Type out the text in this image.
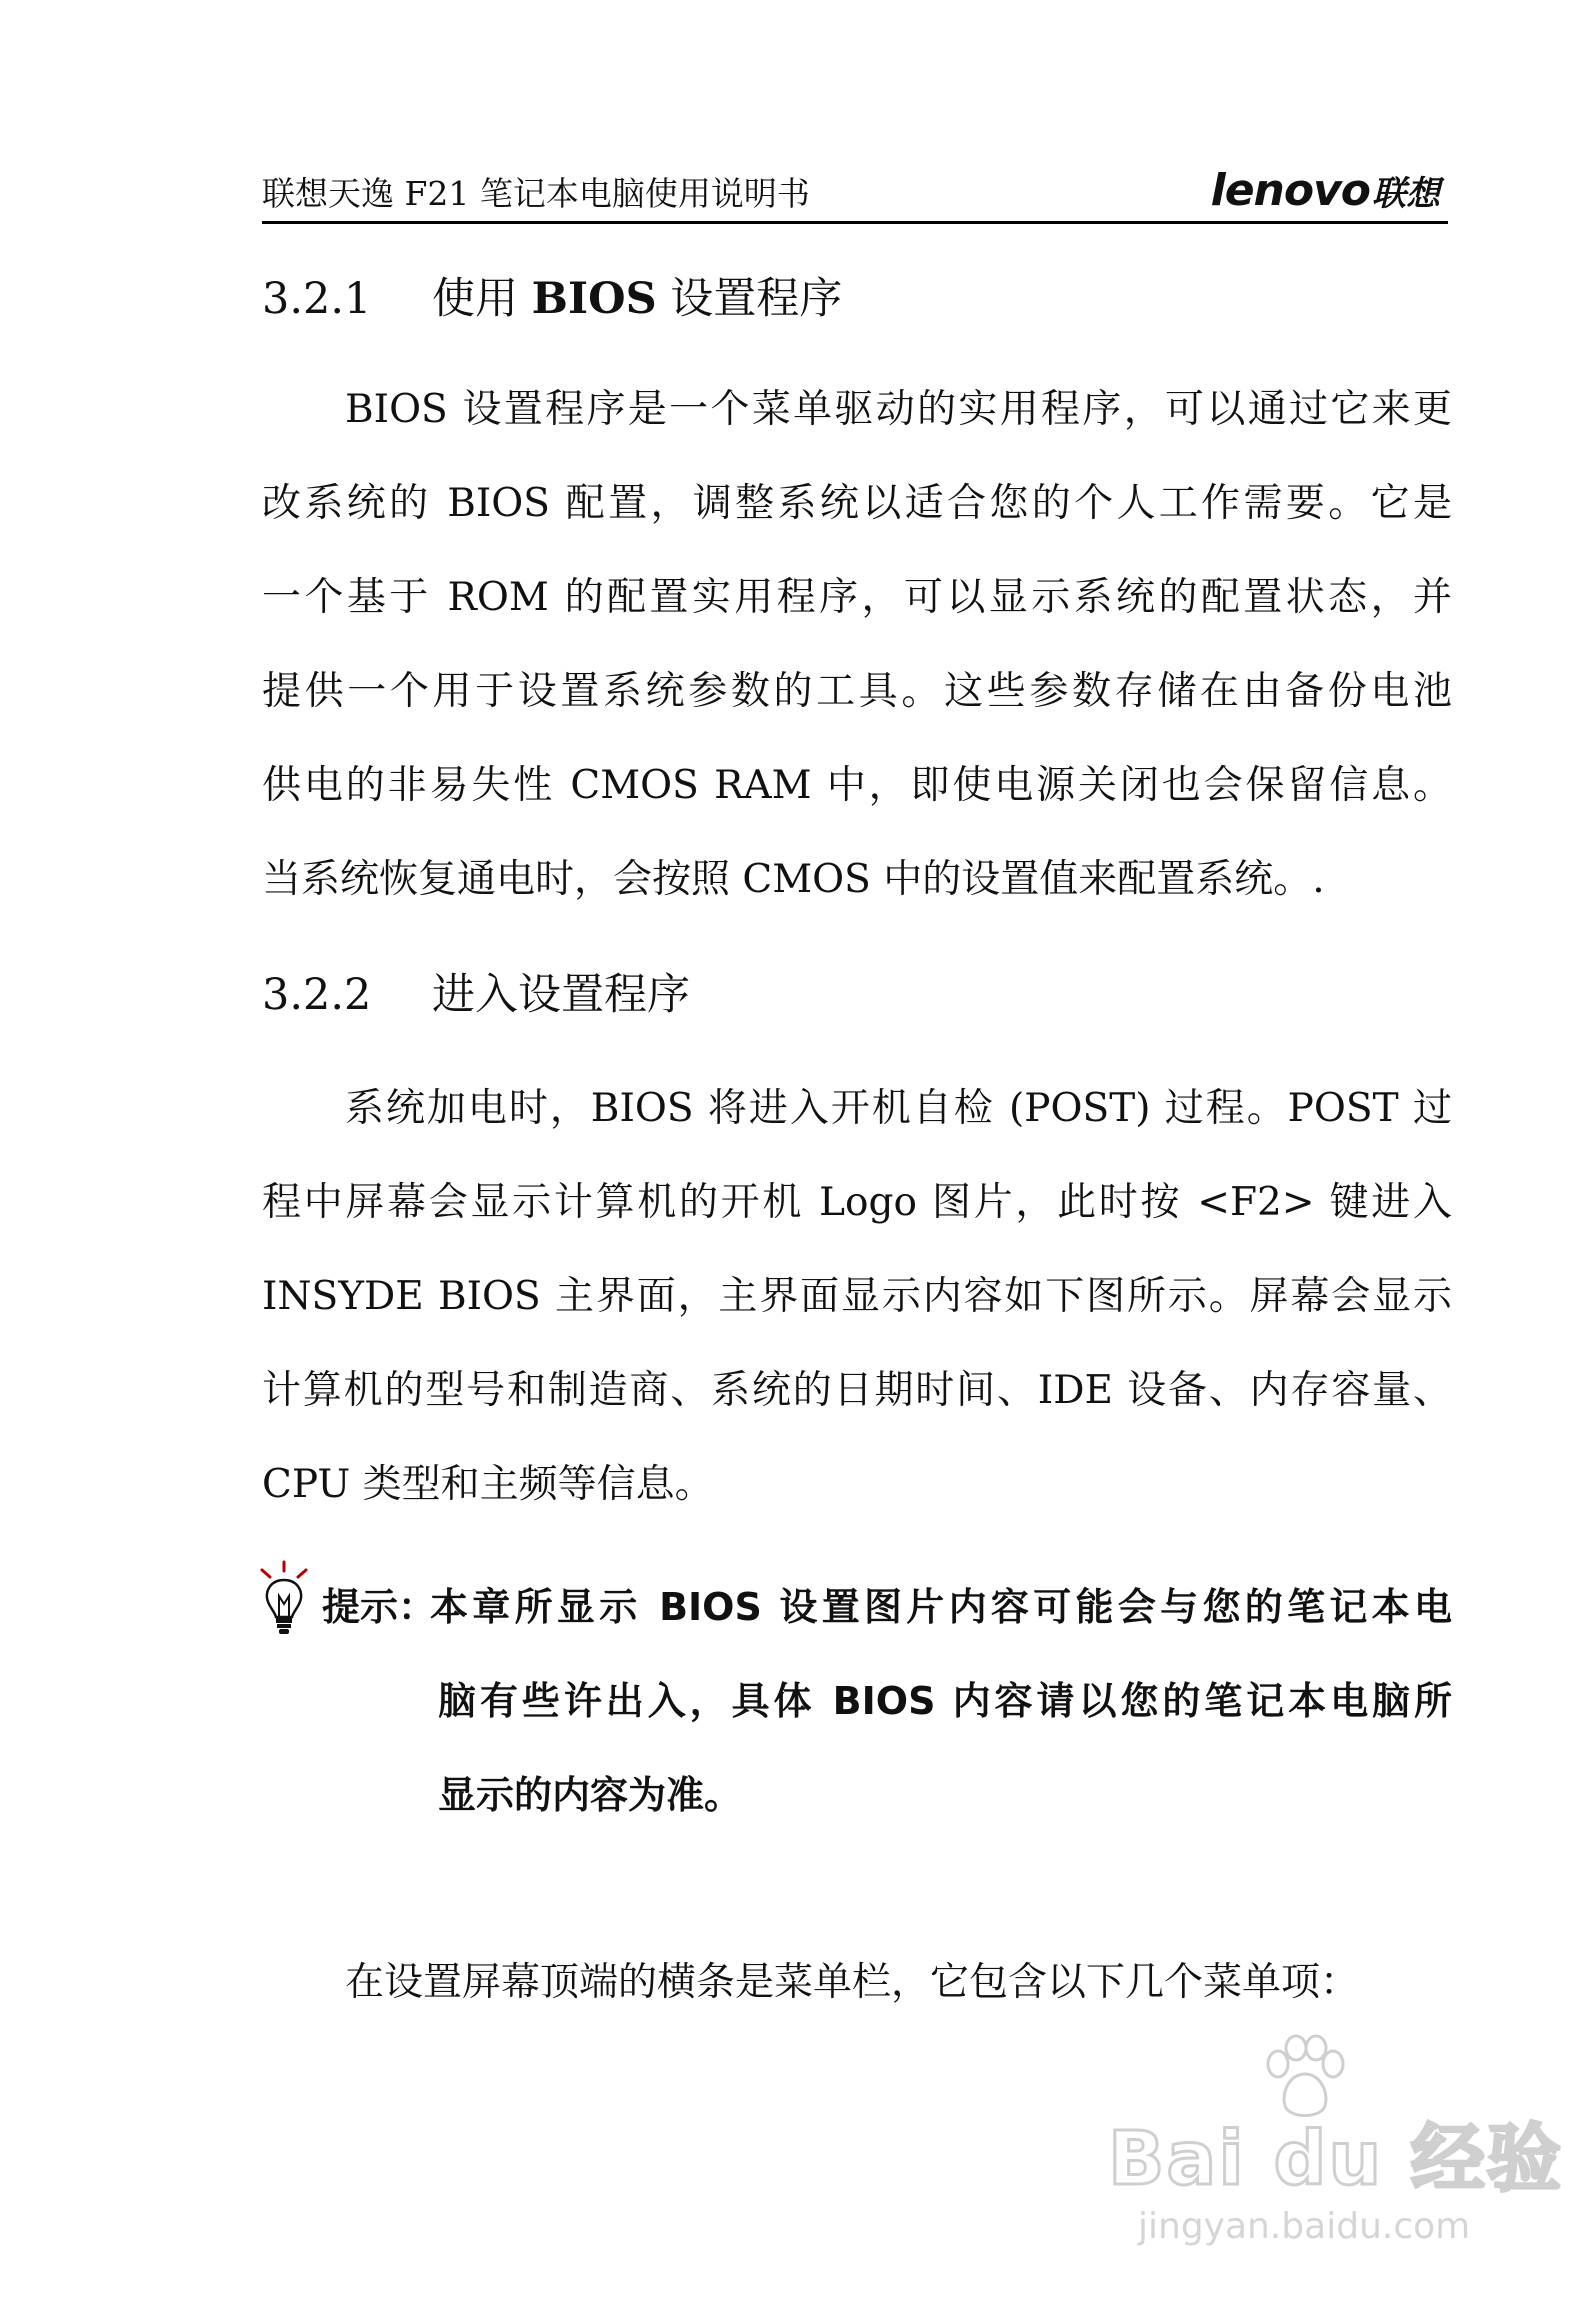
联想天逸 F21 笔记本电脑使用说明书	lenovo 联想
3.2.1 使用 BIOS 设置程序
BIOS 设置程序是一个菜单驱动的实用程序，可以通过它来更
改系统的 BIOS 配置，调整系统以适合您的个人工作需要。它是
一个基于 ROM 的配置实用程序，可以显示系统的配置状态，并
提供一个用于设置系统参数的工具。这些参数存储在由备份电池
供电的非易失性 CMOS RAM 中，即使电源关闭也会保留信息。
当系统恢复通电时，会按照 CMOS 中的设置值来配置系统。.
3.2.2 进入设置程序
系统加电时，BIOS 将进入开机自检 (POST) 过程。POST 过
程中屏幕会显示计算机的开机 Logo 图片，此时按 <F2> 键进入
INSYDE BIOS 主界面，主界面显示内容如下图所示。屏幕会显示
计算机的型号和制造商、系统的日期时间、IDE 设备、内存容量、
CPU 类型和主频等信息。
提示：
本章所显示 BIOS 设置图片内容可能会与您的笔记本电
脑有些许出入，具体 BIOS 内容请以您的笔记本电脑所
显示的内容为准。
在设置屏幕顶端的横条是菜单栏，它包含以下几个菜单项：
Bai du 经验
jingyan.baidu.com
